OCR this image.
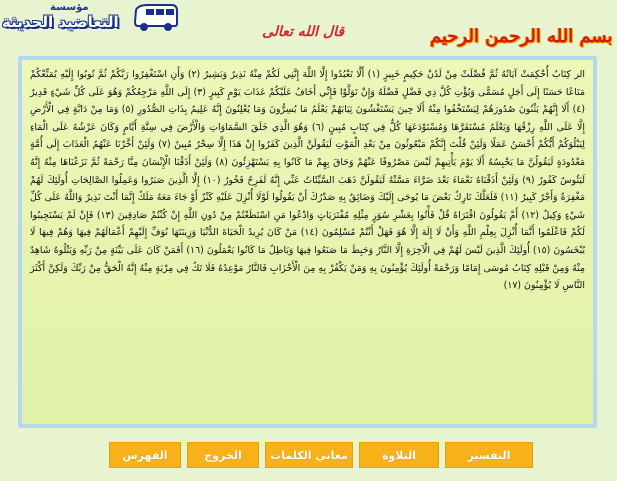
مؤسسة
التعاضيد الحديثة
قال الله تعالى	بسم الله الرحمن الرحيم

الر كِتَابٌ أُحْكِمَتْ آيَاتُهُ ثُمَّ فُصِّلَتْ مِنْ لَدُنْ حَكِيمٍ خَبِيرٍ (١) أَلَّا تَعْبُدُوا إِلَّا اللَّهَ إِنَّنِي لَكُمْ مِنْهُ نَذِيرٌ وَبَشِيرٌ (٢) وَأَنِ اسْتَغْفِرُوا رَبَّكُمْ ثُمَّ تُوبُوا إِلَيْهِ يُمَتِّعْكُمْ مَتَاعًا حَسَنًا إِلَى أَجَلٍ مُسَمًّى وَيُؤْتِ كُلَّ ذِي فَضْلٍ فَضْلَهُ وَإِنْ تَوَلَّوْا فَإِنِّي أَخَافُ عَلَيْكُمْ عَذَابَ يَوْمٍ كَبِيرٍ (٣) إِلَى اللَّهِ مَرْجِعُكُمْ وَهُوَ عَلَى كُلِّ شَيْءٍ قَدِيرٌ (٤) أَلَا إِنَّهُمْ يَثْنُونَ صُدُورَهُمْ لِيَسْتَخْفُوا مِنْهُ أَلَا حِينَ يَسْتَغْشُونَ ثِيَابَهُمْ يَعْلَمُ مَا يُسِرُّونَ وَمَا يُعْلِنُونَ إِنَّهُ عَلِيمٌ بِذَاتِ الصُّدُورِ (٥) وَمَا مِنْ دَابَّةٍ فِي الْأَرْضِ إِلَّا عَلَى اللَّهِ رِزْقُهَا وَيَعْلَمُ مُسْتَقَرَّهَا وَمُسْتَوْدَعَهَا كُلٌّ فِي كِتَابٍ مُبِينٍ (٦) وَهُوَ الَّذِي خَلَقَ السَّمَاوَاتِ وَالْأَرْضَ فِي سِتَّةِ أَيَّامٍ وَكَانَ عَرْشُهُ عَلَى الْمَاءِ لِيَبْلُوَكُمْ أَيُّكُمْ أَحْسَنُ عَمَلًا وَلَئِنْ قُلْتَ إِنَّكُمْ مَبْعُوثُونَ مِنْ بَعْدِ الْمَوْتِ لَيَقُولَنَّ الَّذِينَ كَفَرُوا إِنْ هَذَا إِلَّا سِحْرٌ مُبِينٌ (٧) وَلَئِنْ أَخَّرْنَا عَنْهُمُ الْعَذَابَ إِلَى أُمَّةٍ مَعْدُودَةٍ لَيَقُولُنَّ مَا يَحْبِسُهُ أَلَا يَوْمَ يَأْتِيهِمْ لَيْسَ مَصْرُوفًا عَنْهُمْ وَحَاقَ بِهِمْ مَا كَانُوا بِهِ يَسْتَهْزِئُونَ (٨) وَلَئِنْ أَذَقْنَا الْإِنْسَانَ مِنَّا رَحْمَةً ثُمَّ نَزَعْنَاهَا مِنْهُ إِنَّهُ لَيَئُوسٌ كَفُورٌ (٩) وَلَئِنْ أَذَقْنَاهُ نَعْمَاءَ بَعْدَ ضَرَّاءَ مَسَّتْهُ لَيَقُولَنَّ ذَهَبَ السَّيِّئَاتُ عَنِّي إِنَّهُ لَفَرِحٌ فَخُورٌ (١٠) إِلَّا الَّذِينَ صَبَرُوا وَعَمِلُوا الصَّالِحَاتِ أُولَئِكَ لَهُمْ مَغْفِرَةٌ وَأَجْرٌ كَبِيرٌ (١١) فَلَعَلَّكَ تَارِكٌ بَعْضَ مَا يُوحَى إِلَيْكَ وَضَائِقٌ بِهِ صَدْرُكَ أَنْ يَقُولُوا لَوْلَا أُنْزِلَ عَلَيْهِ كَنْزٌ أَوْ جَاءَ مَعَهُ مَلَكٌ إِنَّمَا أَنْتَ نَذِيرٌ وَاللَّهُ عَلَى كُلِّ شَيْءٍ وَكِيلٌ (١٢) أَمْ يَقُولُونَ افْتَرَاهُ قُلْ فَأْتُوا بِعَشْرِ سُوَرٍ مِثْلِهِ مُفْتَرَيَاتٍ وَادْعُوا مَنِ اسْتَطَعْتُمْ مِنْ دُونِ اللَّهِ إِنْ كُنْتُمْ صَادِقِينَ (١٣) فَإِنْ لَمْ يَسْتَجِيبُوا لَكُمْ فَاعْلَمُوا أَنَّمَا أُنْزِلَ بِعِلْمِ اللَّهِ وَأَنْ لَا إِلَهَ إِلَّا هُوَ فَهَلْ أَنْتُمْ مُسْلِمُونَ (١٤) مَنْ كَانَ يُرِيدُ الْحَيَاةَ الدُّنْيَا وَزِينَتَهَا نُوَفِّ إِلَيْهِمْ أَعْمَالَهُمْ فِيهَا وَهُمْ فِيهَا لَا يُبْخَسُونَ (١٥) أُولَئِكَ الَّذِينَ لَيْسَ لَهُمْ فِي الْآخِرَةِ إِلَّا النَّارُ وَحَبِطَ مَا صَنَعُوا فِيهَا وَبَاطِلٌ مَا كَانُوا يَعْمَلُونَ (١٦) أَفَمَنْ كَانَ عَلَى بَيِّنَةٍ مِنْ رَبِّهِ وَيَتْلُوهُ شَاهِدٌ مِنْهُ وَمِنْ قَبْلِهِ كِتَابُ مُوسَى إِمَامًا وَرَحْمَةً أُولَئِكَ يُؤْمِنُونَ بِهِ وَمَنْ يَكْفُرْ بِهِ مِنَ الْأَحْزَابِ فَالنَّارُ مَوْعِدُهُ فَلَا تَكُ فِي مِرْيَةٍ مِنْهُ إِنَّهُ الْحَقُّ مِنْ رَبِّكَ وَلَكِنَّ أَكْثَرَ النَّاسِ لَا يُؤْمِنُونَ (١٧)

التفسير
التلاوة
معاني الكلمات
الخروج
الفهرس
